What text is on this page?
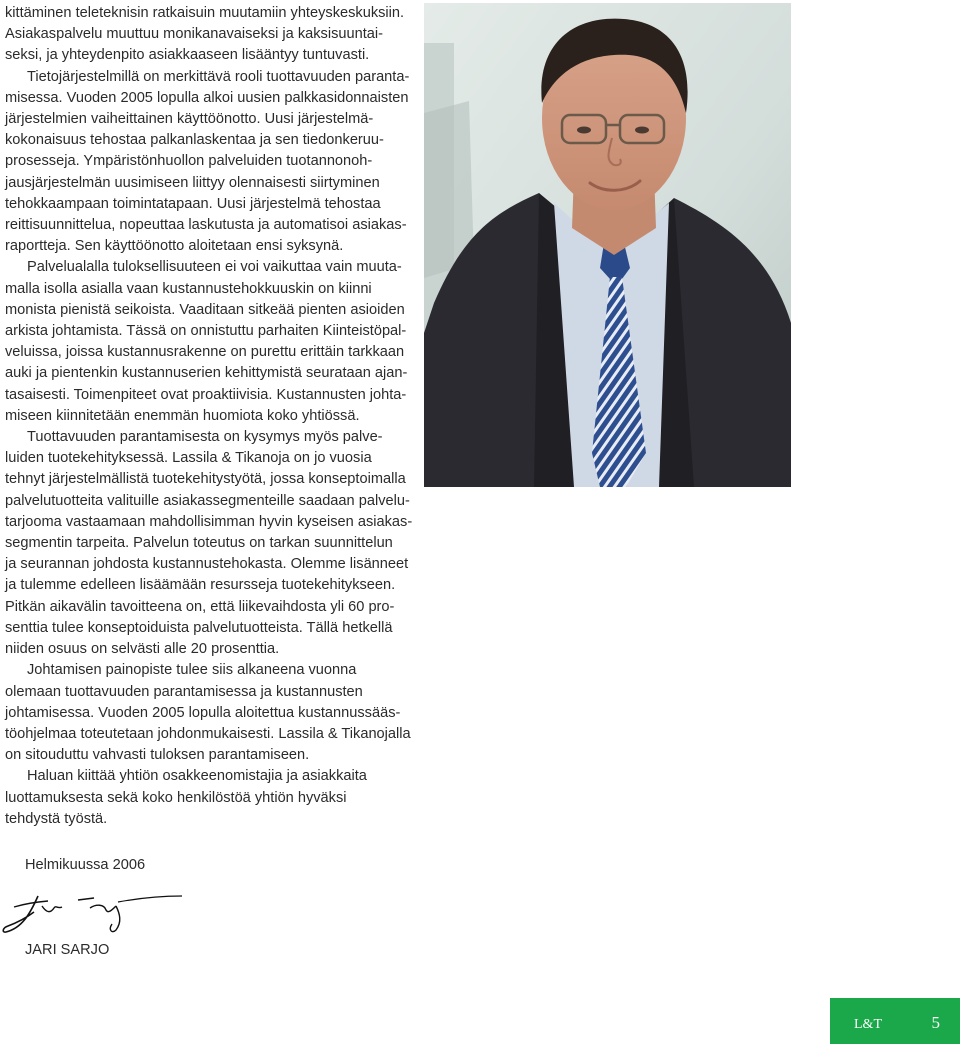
kittäminen teleteknisin ratkaisuin muutamiin yhteyskeskuksiin.
Asiakaspalvelu muuttuu monikanavaiseksi ja kaksisuuntai-
seksi, ja yhteydenpito asiakkaaseen lisääntyy tuntuvasti.
Tietojärjestelmillä on merkittävä rooli tuottavuuden paranta-
misessa. Vuoden 2005 lopulla alkoi uusien palkkasidonnaisten
järjestelmien vaiheittainen käyttöönotto. Uusi järjestelmä-
kokonaisuus tehostaa palkanlaskentaa ja sen tiedonkeruu-
prosesseja. Ympäristönhuollon palveluiden tuotannonoh-
jausjärjestelmän uusimiseen liittyy olennaisesti siirtyminen
tehokkaampaan toimintatapaan. Uusi järjestelmä tehostaa
reittisuunnittelua, nopeuttaa laskutusta ja automatisoi asiakas-
raportteja. Sen käyttöönotto aloitetaan ensi syksynä.
Palvelualalla tuloksellisuuteen ei voi vaikuttaa vain muuta-
malla isolla asialla vaan kustannustehokkuuskin on kiinni
monista pienistä seikoista. Vaaditaan sitkeää pienten asioiden
arkista johtamista. Tässä on onnistuttu parhaiten Kiinteistöpal-
veluissa, joissa kustannusrakenne on purettu erittäin tarkkaan
auki ja pientenkin kustannuserien kehittymistä seurataan ajan-
tasaisesti. Toimenpiteet ovat proaktiivisia. Kustannusten johta-
miseen kiinnitetään enemmän huomiota koko yhtiössä.
Tuottavuuden parantamisesta on kysymys myös palve-
luiden tuotekehityksessä. Lassila & Tikanoja on jo vuosia
tehnyt järjestelmällistä tuotekehitystyötä, jossa konseptoimalla
palvelutuotteita valituille asiakassegmenteille saadaan palvelu-
tarjooma vastaamaan mahdollisimman hyvin kyseisen asiakas-
segmentin tarpeita. Palvelun toteutus on tarkan suunnittelun
ja seurannan johdosta kustannustehokasta. Olemme lisänneet
ja tulemme edelleen lisäämään resursseja tuotekehitykseen.
Pitkän aikavälin tavoitteena on, että liikevaihdosta yli 60 pro-
senttia tulee konseptoiduista palvelutuotteista. Tällä hetkellä
niiden osuus on selvästi alle 20 prosenttia.
Johtamisen painopiste tulee siis alkaneena vuonna
olemaan tuottavuuden parantamisessa ja kustannusten
johtamisessa. Vuoden 2005 lopulla aloitettua kustannussääs-
töohjelmaa toteutetaan johdonmukaisesti. Lassila & Tikanojalla
on sitouduttu vahvasti tuloksen parantamiseen.
Haluan kiittää yhtiön osakkeenomistajia ja asiakkaita
luottamuksesta sekä koko henkilöstöä yhtiön hyväksi
tehdystä työstä.
Helmikuussa 2006
JARI SARJO
L&T	5
